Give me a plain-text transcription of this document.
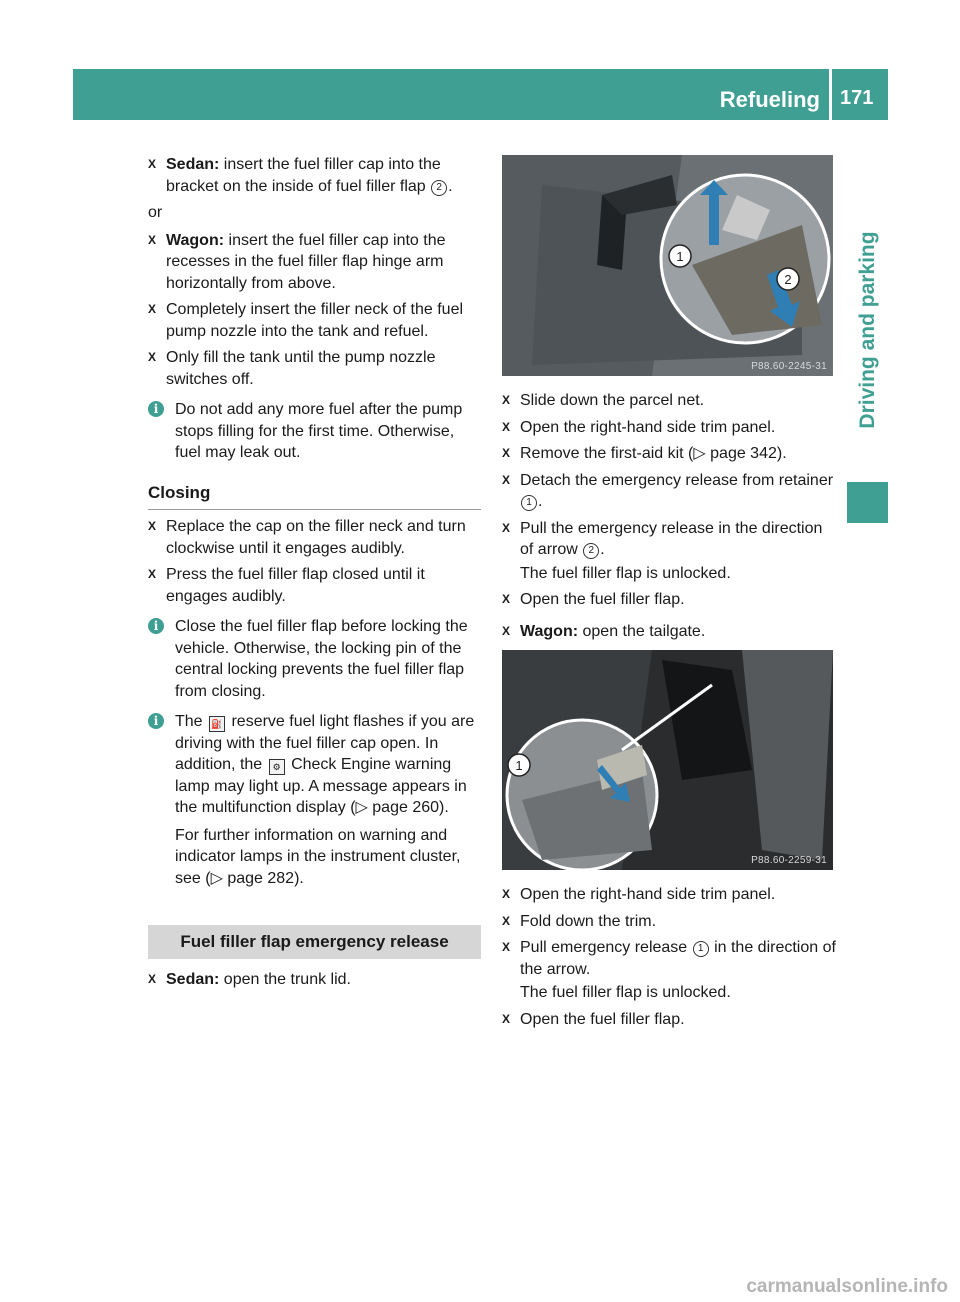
Refueling 171
Driving and parking
X Sedan: insert the fuel filler cap into the bracket on the inside of fuel filler flap 2 .
or
X Wagon: insert the fuel filler cap into the recesses in the fuel filler flap hinge arm horizontally from above.
X Completely insert the filler neck of the fuel pump nozzle into the tank and refuel.
X Only fill the tank until the pump nozzle switches off.
i	Do not add any more fuel after the pump stops filling for the first time. Otherwise, fuel may leak out.
Closing
X Replace the cap on the filler neck and turn clockwise until it engages audibly.
X Press the fuel filler flap closed until it engages audibly.
i	Close the fuel filler flap before locking the vehicle. Otherwise, the locking pin of the central locking prevents the fuel filler flap from closing.
i	The ⛽ reserve fuel light flashes if you are driving with the fuel filler cap open. In addition, the ⚙ Check Engine warning lamp may light up. A message appears in the multifunction display (▷ page 260).
For further information on warning and indicator lamps in the instrument cluster, see (▷ page 282).
Fuel filler flap emergency release
X Sedan: open the trunk lid.
1
2
P88.60-2245-31
1
P88.60-2259-31
X Slide down the parcel net.
X Open the right-hand side trim panel.
X Remove the first-aid kit (▷ page 342).
X Detach the emergency release from retainer 1 .
X Pull the emergency release in the direction of arrow 2 .
The fuel filler flap is unlocked.
X Open the fuel filler flap.
X Wagon: open the tailgate.
X Open the right-hand side trim panel.
X Fold down the trim.
X Pull emergency release 1 in the direction of the arrow.
The fuel filler flap is unlocked.
X Open the fuel filler flap.
carmanualsonline.info
